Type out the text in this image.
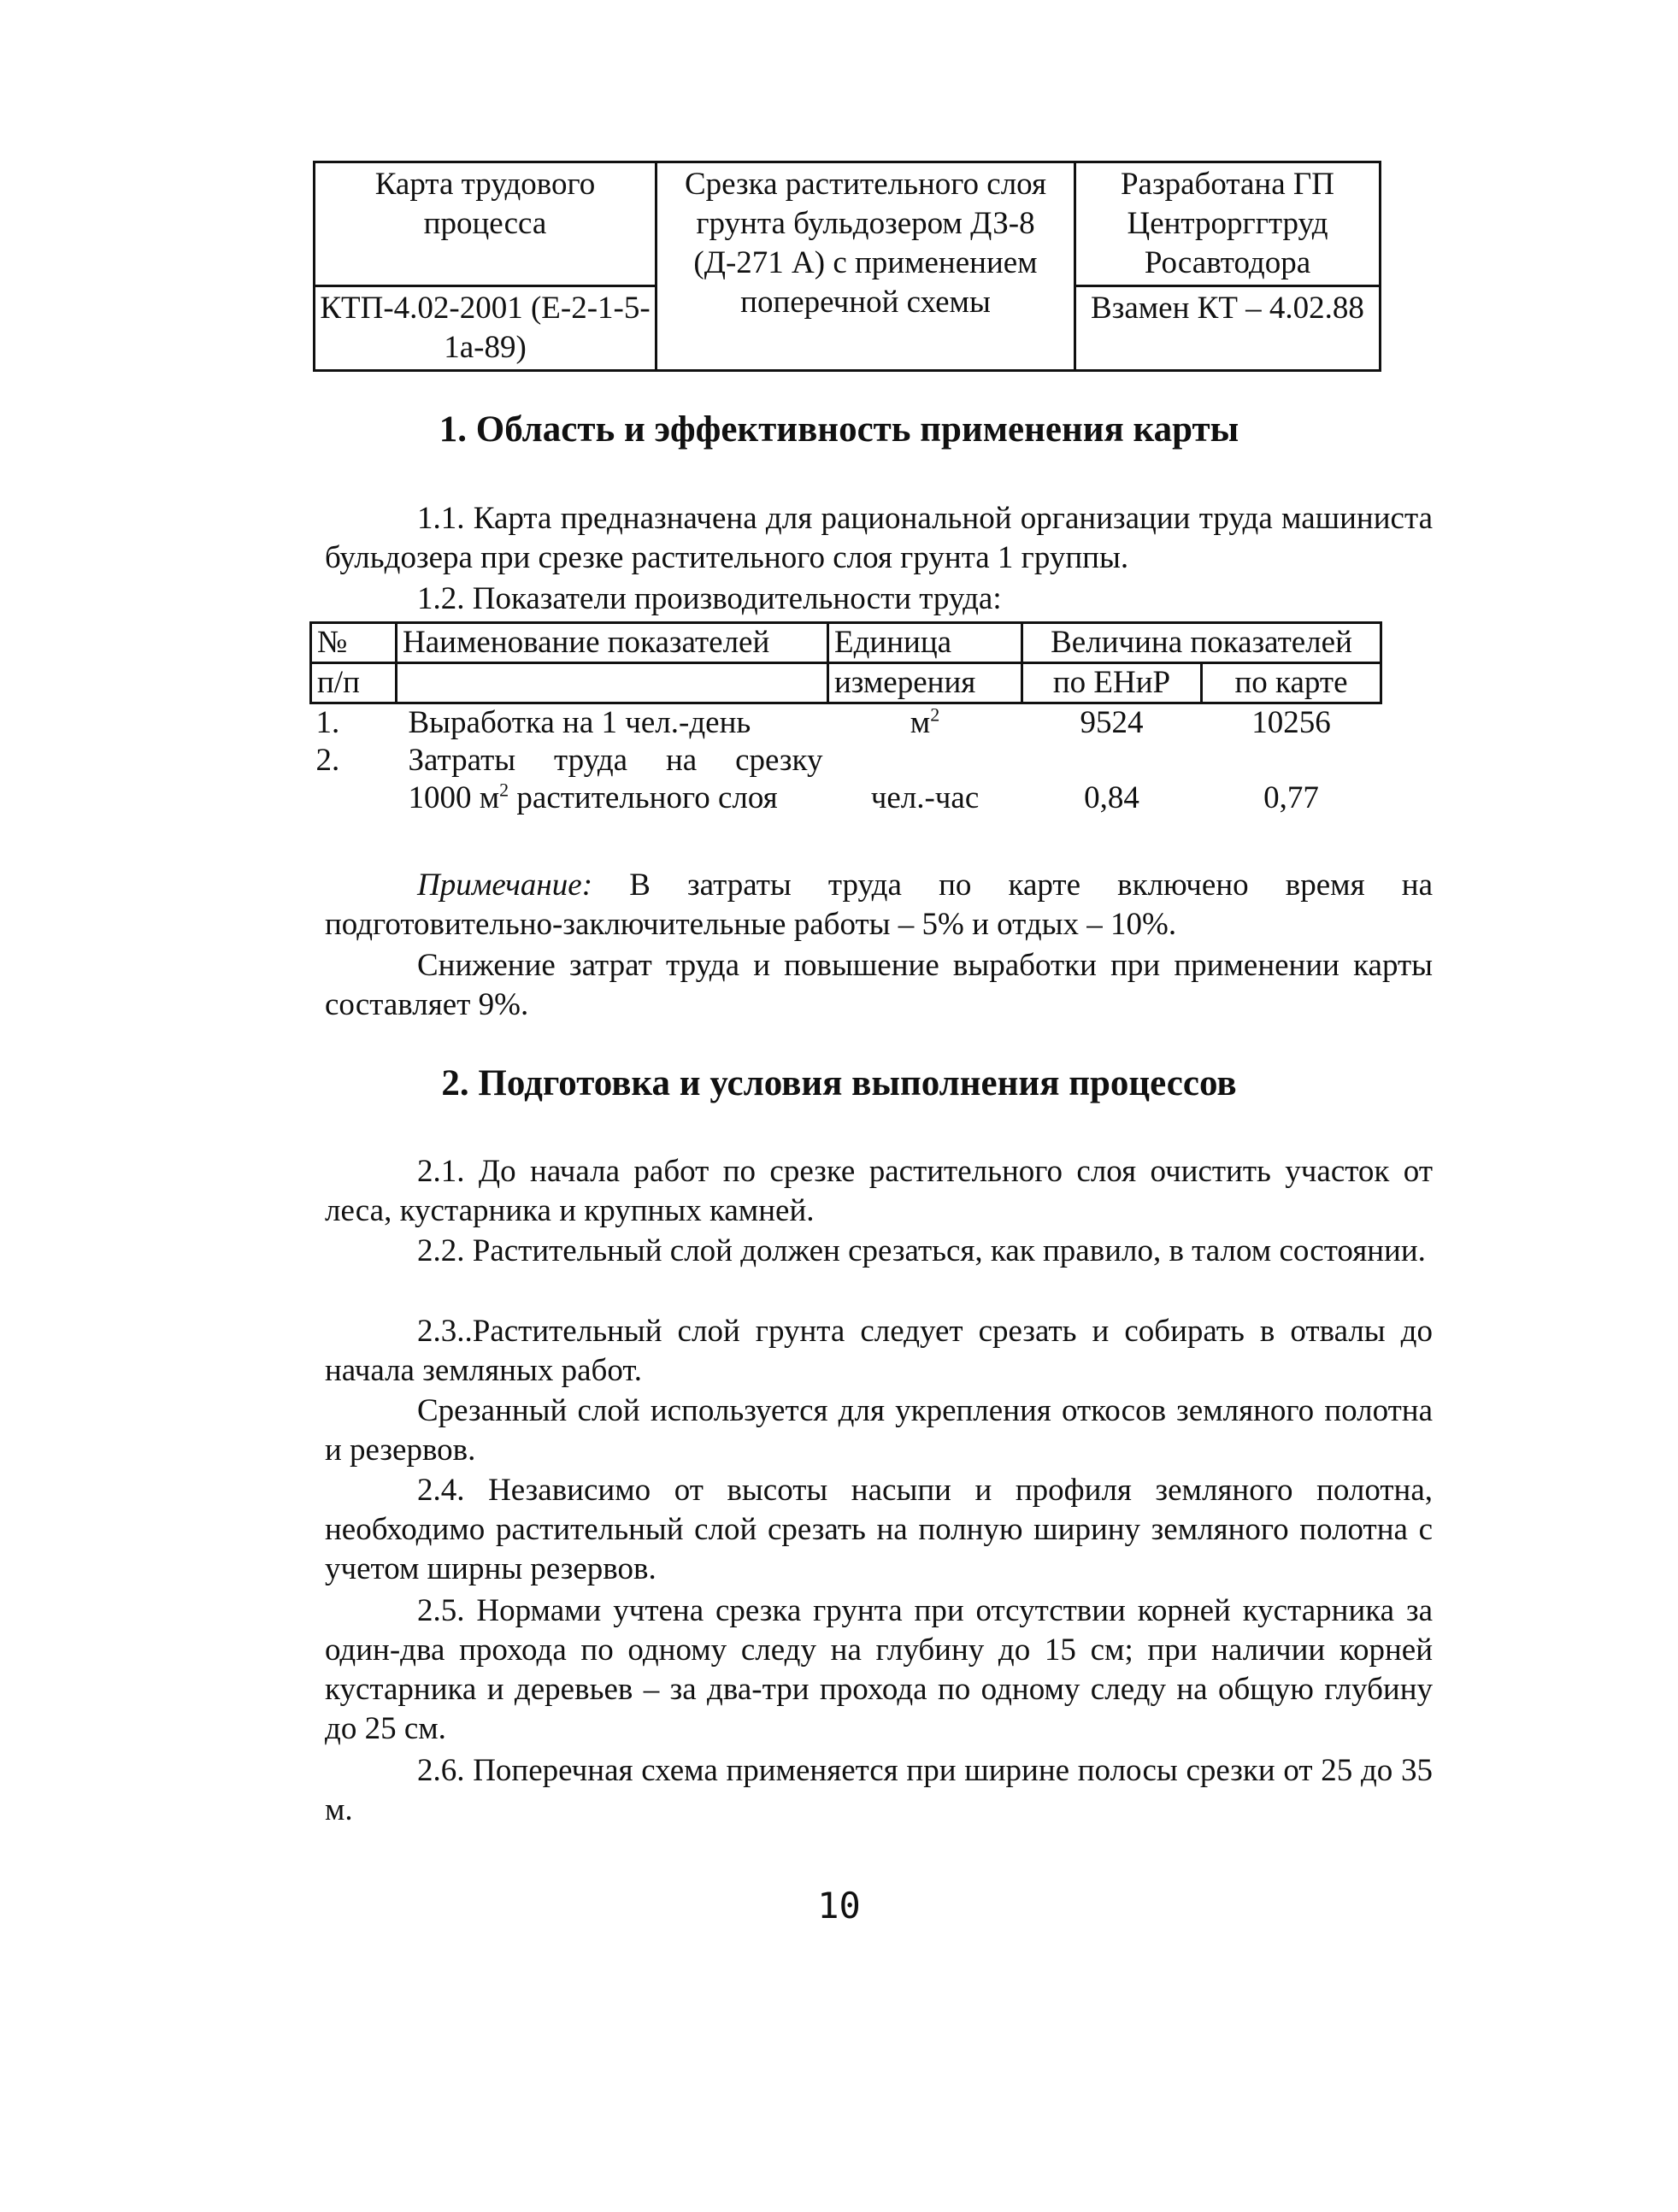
Карта трудового процесса	Срезка растительного слоя грунта бульдозером ДЗ-8 (Д-271 А) с применением поперечной схемы	Разработана ГП Центрорггтруд Росавтодора
КТП-4.02-2001 (Е-2-1-5-1а-89)		Взамен КТ – 4.02.88
1. Область и эффективность применения карты
1.1. Карта предназначена для рациональной организации труда машиниста бульдозера при срезке растительного слоя грунта 1 группы.
1.2. Показатели производительности труда:
№	Наименование показателей	Единица	Величина показателей	
п/п		измерения	по ЕНиР	по карте
1.	Выработка на 1 чел.-день	$м^2$	9524	10256
2.	Затраты труда на срезку
1000 $м^2$ растительного слоя	чел.-час	0,84	0,77
Примечание: В затраты труда по карте включено время на подготовительно-заключительные работы – 5% и отдых – 10%.
Снижение затрат труда и повышение выработки при применении карты составляет 9%.
2. Подготовка и условия выполнения процессов
2.1. До начала работ по срезке растительного слоя очистить участок от леса, кустарника и крупных камней.
2.2. Растительный слой должен срезаться, как правило, в талом состоянии.
2.3..Растительный слой грунта следует срезать и собирать в отвалы до начала земляных работ.
Срезанный слой используется для укрепления откосов земляного полотна и резервов.
2.4. Независимо от высоты насыпи и профиля земляного полотна, необходимо растительный слой срезать на полную ширину земляного полотна с учетом ширны резервов.
2.5. Нормами учтена срезка грунта при отсутствии корней кустарника за один-два прохода по одному следу на глубину до 15 см; при наличии корней кустарника и деревьев – за два-три прохода по одному следу на общую глубину до 25 см.
2.6. Поперечная схема применяется при ширине полосы срезки от 25 до 35 м.
10
